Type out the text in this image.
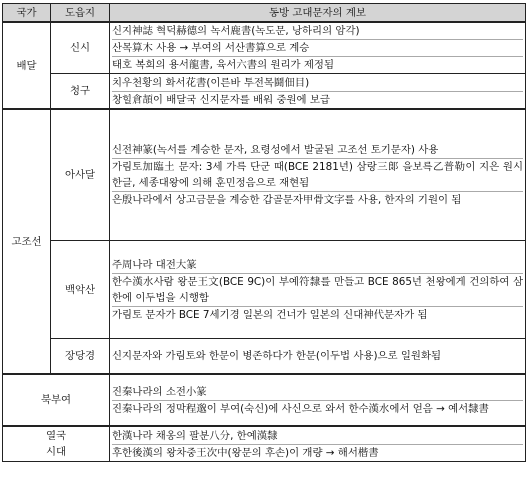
국가	도읍지	동방 고대문자의 계보
배달	신시	신지神誌 혁덕赫德의 녹서鹿書(녹도문, 낭하리의 암각)
산목算木 사용 → 부여의 서산書算으로 계승
태호 복희의 용서龍書, 육서六書의 원리가 제정됨

	청구	치우천황의 화서花書(이른바 투전목鬪佃目)
창힐倉頡이 배달국 신지문자를 배워 중원에 보급

고조선	아사달	신전神篆(녹서를 계승한 문자, 요령성에서 발굴된 고조선 토기문자) 사용
가림토加臨土 문자: 3세 가륵 단군 때(BCE 2181년) 삼랑三郞 을보륵乙普勒이 지은 원시한글, 세종대왕에 의해 훈민정음으로 재현됨
은殷나라에서 상고금문을 계승한 갑골문자甲骨文字를 사용, 한자의 기원이 됨

	백악산	주周나라 대전大篆
한수漢水사람 왕문王文(BCE 9C)이 부예符隸를 만들고 BCE 865년 천왕에게 건의하여 삼한에 이두법을 시행함
가림토 문자가 BCE 7세기경 일본의 건너가 일본의 신대神代문자가 됨

	장당경	신지문자와 가림토와 한문이 병존하다가 한문(이두법 사용)으로 일원화됨

북부여		진秦나라의 소전小篆
진秦나라의 정막程邈이 부여(숙신)에 사신으로 와서 한수漢水에서 얻음 → 예서隸書

열국
시대		한漢나라 채옹의 팔분八分, 한예漢隸
후한後漢의 왕차중王次中(왕문의 후손)이 개량 → 해서楷書
